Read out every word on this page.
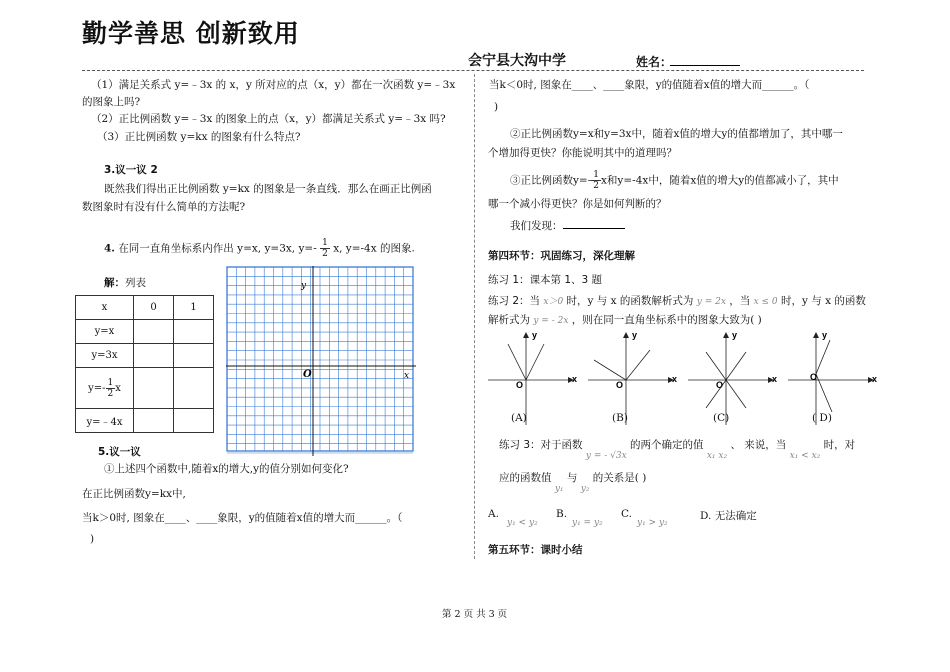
勤学善思 创新致用
会宁县大沟中学	姓名：
（1）满足关系式 y=﹣3x 的 x，y 所对应的点（x，y）都在一次函数 y=﹣3x
的图象上吗?
（2）正比例函数 y=﹣3x 的图象上的点（x，y）都满足关系式 y=﹣3x 吗?
（3）正比例函数 y=kx 的图象有什么特点?
3.议一议 2
既然我们得出正比例函数 y=kx 的图象是一条直线．那么在画正比例函
数图象时有没有什么简单的方法呢?
4. 在同一直角坐标系内作出 y=x, y=3x, $y=- \frac{1}{2} x$, y=-4x 的图象.
解：列表
x	0	1
y=x		
y=3x		
$y=- \frac{1}{2}x$		
y=﹣4x		
y
x
O
5.议一议
①上述四个函数中,随着x的增大,y的值分别如何变化?
在正比例函数y=kx中,
当k＞0时, 图象在____、____象限，y的值随着x值的增大而______。（
)
当k＜0时, 图象在____、____象限，y的值随着x值的增大而______。（
)
②正比例函数y=x和y=3x中，随着x值的增大y的值都增加了，其中哪一
个增加得更快？你能说明其中的道理吗？
③正比例函数$y=- \frac{1}{2}x$和y=-4x中，随着x值的增大y的值都减小了，其中
哪一个减小得更快？你是如何判断的？
我们发现：
第四环节：巩固练习，深化理解
练习 1：课本第 1、3 题
练习 2：当 x＞0 时，y 与 x 的函数解析式为 y = 2x ，当 x ≤ 0 时，y 与 x 的函数
解析式为 y = - 2x ，则在同一直角坐标系中的图象大致为( )
O
x
y
O
x
y
O
x
y
O	x
y
(A)	(B)	(C)	( D)
练习 3：对于函数 y = - √3x 的两个确定的值 x₁ x₂ 、 来说，当 x₁ < x₂ 时，对
应的函数值 y₁ 与 y₂ 的关系是( )
A.
y₁ < y₂
B.
y₁ = y₂
C.
y₁ > y₂
D. 无法确定
第五环节：课时小结
第 2 页 共 3 页
